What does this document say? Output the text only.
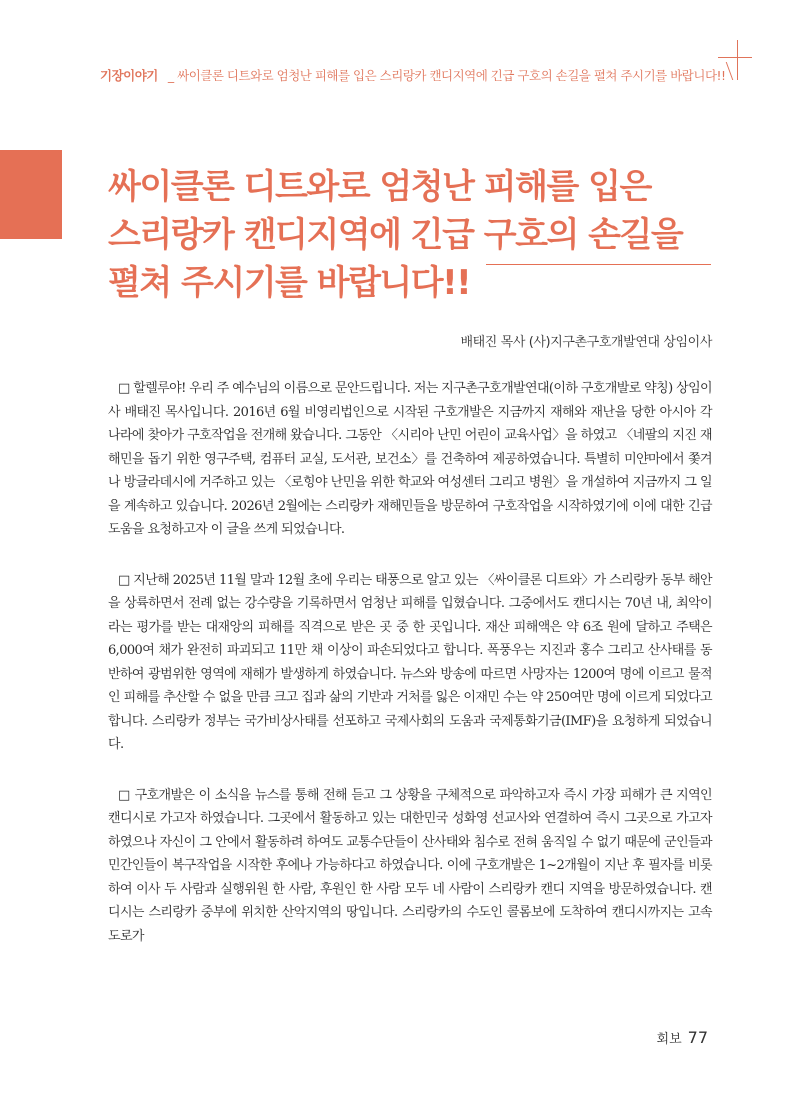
기장이야기 _ 싸이클론 디트와로 엄청난 피해를 입은 스리랑카 캔디지역에 긴급 구호의 손길을 펼쳐 주시기를 바랍니다!!
싸이클론 디트와로 엄청난 피해를 입은
스리랑카 캔디지역에 긴급 구호의 손길을
펼쳐 주시기를 바랍니다!!
배태진 목사 (사)지구촌구호개발연대 상임이사

□ 할렐루야! 우리 주 예수님의 이름으로 문안드립니다. 저는 지구촌구호개발연대(이하 구호개발로 약칭) 상임이사 배태진 목사입니다. 2016년 6월 비영리법인으로 시작된 구호개발은 지금까지 재해와 재난을 당한 아시아 각 나라에 찾아가 구호작업을 전개해 왔습니다. 그동안 〈시리아 난민 어린이 교육사업〉을 하였고 〈네팔의 지진 재해민을 돕기 위한 영구주택, 컴퓨터 교실, 도서관, 보건소〉를 건축하여 제공하였습니다. 특별히 미얀마에서 쫓겨나 방글라데시에 거주하고 있는 〈로힝야 난민을 위한 학교와 여성센터 그리고 병원〉을 개설하여 지금까지 그 일을 계속하고 있습니다. 2026년 2월에는 스리랑카 재해민들을 방문하여 구호작업을 시작하였기에 이에 대한 긴급 도움을 요청하고자 이 글을 쓰게 되었습니다.

□ 지난해 2025년 11월 말과 12월 초에 우리는 태풍으로 알고 있는 〈싸이클론 디트와〉가 스리랑카 동부 해안을 상륙하면서 전례 없는 강수량을 기록하면서 엄청난 피해를 입혔습니다. 그중에서도 캔디시는 70년 내, 최악이라는 평가를 받는 대재앙의 피해를 직격으로 받은 곳 중 한 곳입니다. 재산 피해액은 약 6조 원에 달하고 주택은 6,000여 채가 완전히 파괴되고 11만 채 이상이 파손되었다고 합니다. 폭풍우는 지진과 홍수 그리고 산사태를 동반하여 광범위한 영역에 재해가 발생하게 하였습니다. 뉴스와 방송에 따르면 사망자는 1200여 명에 이르고 물적인 피해를 추산할 수 없을 만큼 크고 집과 삶의 기반과 거처를 잃은 이재민 수는 약 250여만 명에 이르게 되었다고 합니다. 스리랑카 정부는 국가비상사태를 선포하고 국제사회의 도움과 국제통화기금(IMF)을 요청하게 되었습니다.

□ 구호개발은 이 소식을 뉴스를 통해 전해 듣고 그 상황을 구체적으로 파악하고자 즉시 가장 피해가 큰 지역인 캔디시로 가고자 하였습니다. 그곳에서 활동하고 있는 대한민국 성화영 선교사와 연결하여 즉시 그곳으로 가고자 하였으나 자신이 그 안에서 활동하려 하여도 교통수단들이 산사태와 침수로 전혀 움직일 수 없기 때문에 군인들과 민간인들이 복구작업을 시작한 후에나 가능하다고 하였습니다. 이에 구호개발은 1~2개월이 지난 후 필자를 비롯하여 이사 두 사람과 실행위원 한 사람, 후원인 한 사람 모두 네 사람이 스리랑카 캔디 지역을 방문하였습니다. 캔디시는 스리랑카 중부에 위치한 산악지역의 땅입니다. 스리랑카의 수도인 콜롬보에 도착하여 캔디시까지는 고속도로가

회보 77
